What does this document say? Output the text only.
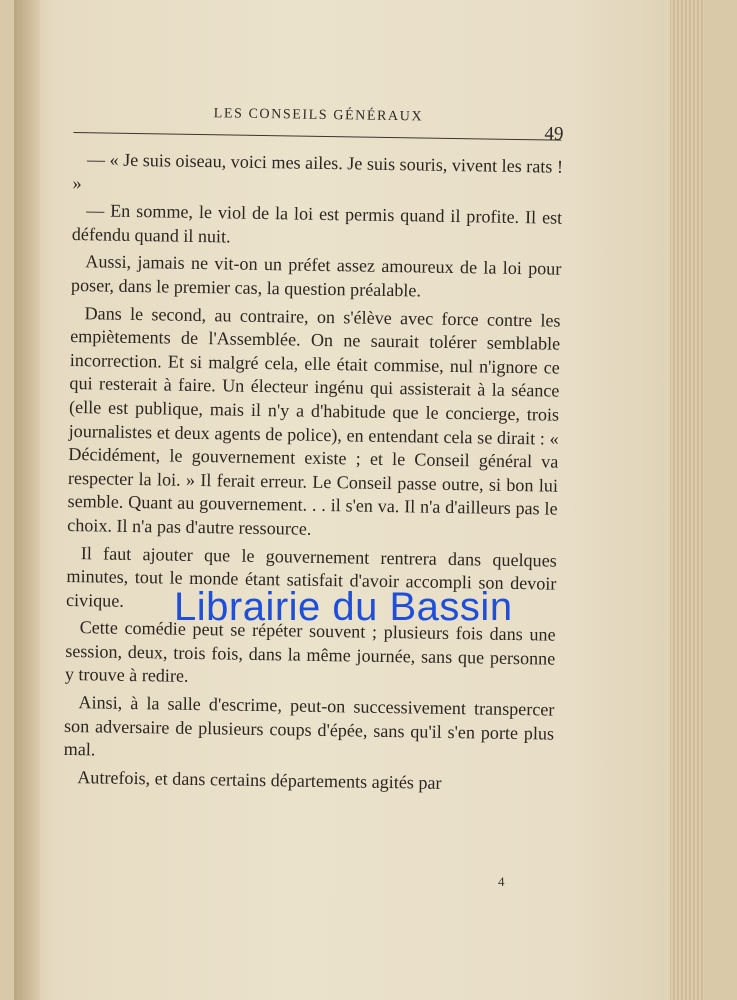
LES CONSEILS GÉNÉRAUX
49

— « Je suis oiseau, voici mes ailes. Je suis souris, vivent les rats ! »

— En somme, le viol de la loi est permis quand il profite. Il est défendu quand il nuit.

Aussi, jamais ne vit-on un préfet assez amoureux de la loi pour poser, dans le premier cas, la question préalable.

Dans le second, au contraire, on s'élève avec force contre les empiètements de l'Assemblée. On ne saurait tolérer semblable incorrection. Et si malgré cela, elle était commise, nul n'ignore ce qui resterait à faire. Un électeur ingénu qui assisterait à la séance (elle est publique, mais il n'y a d'habitude que le concierge, trois journalistes et deux agents de police), en entendant cela se dirait : « Décidément, le gouvernement existe ; et le Conseil général va respecter la loi. » Il ferait erreur. Le Conseil passe outre, si bon lui semble. Quant au gouvernement. . . il s'en va. Il n'a d'ailleurs pas le choix. Il n'a pas d'autre ressource.

Il faut ajouter que le gouvernement rentrera dans quelques minutes, tout le monde étant satisfait d'avoir accompli son devoir civique.

Cette comédie peut se répéter souvent ; plusieurs fois dans une session, deux, trois fois, dans la même journée, sans que personne y trouve à redire.

Ainsi, à la salle d'escrime, peut-on successivement transpercer son adversaire de plusieurs coups d'épée, sans qu'il s'en porte plus mal.

Autrefois, et dans certains départements agités par

4
Librairie du Bassin
